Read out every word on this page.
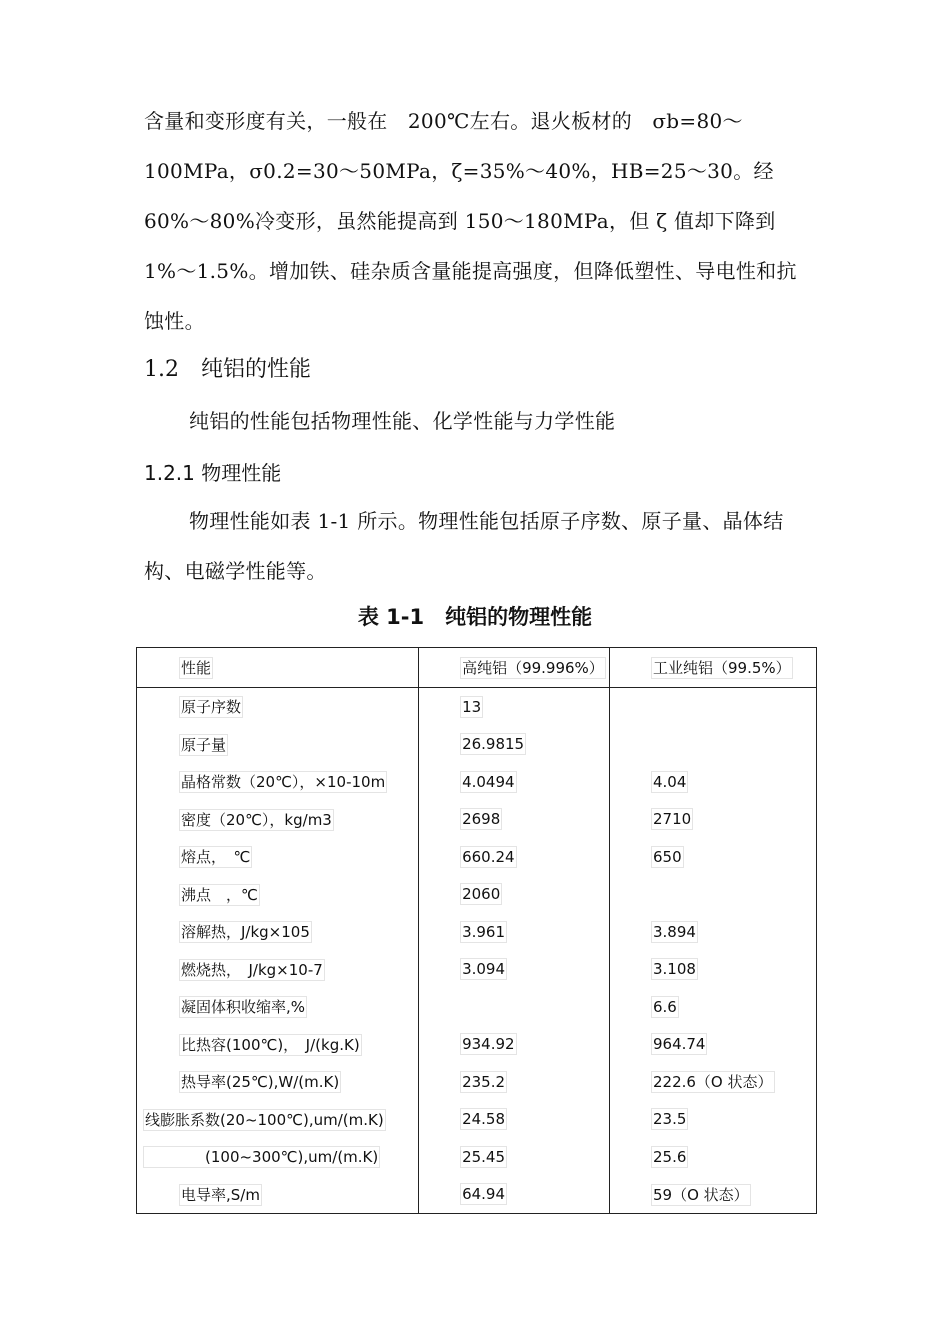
含量和变形度有关，一般在　200℃左右。退火板材的　σb=80～100MPa，σ0.2=30～50MPa，ζ=35%～40%，HB=25～30。经 60%～80%冷变形，虽然能提高到 150～180MPa，但 ζ 值却下降到 1%～1.5%。增加铁、硅杂质含量能提高强度，但降低塑性、导电性和抗蚀性。
1.2　纯铝的性能
纯铝的性能包括物理性能、化学性能与力学性能
1.2.1 物理性能
物理性能如表 1-1 所示。物理性能包括原子序数、原子量、晶体结构、电磁学性能等。
表 1-1　纯铝的物理性能
性能	高纯铝（99.996%）	工业纯铝（99.5%）
原子序数	13	
原子量	26.9815	
晶格常数（20℃），×10-10m	4.0494	4.04
密度（20℃），kg/m3	2698	2710
熔点，　℃	660.24	650
沸点　，℃	2060	
溶解热，J/kg×105	3.961	3.894
燃烧热，　J/kg×10-7	3.094	3.108
凝固体积收缩率,%		6.6
比热容(100℃)，　J/(kg.K)	934.92	964.74
热导率(25℃),W/(m.K)	235.2	222.6（O 状态）
线膨胀系数(20~100℃),um/(m.K)	24.58	23.5
　　　　(100~300℃),um/(m.K)	25.45	25.6
电导率,S/m	64.94	59（O 状态）
